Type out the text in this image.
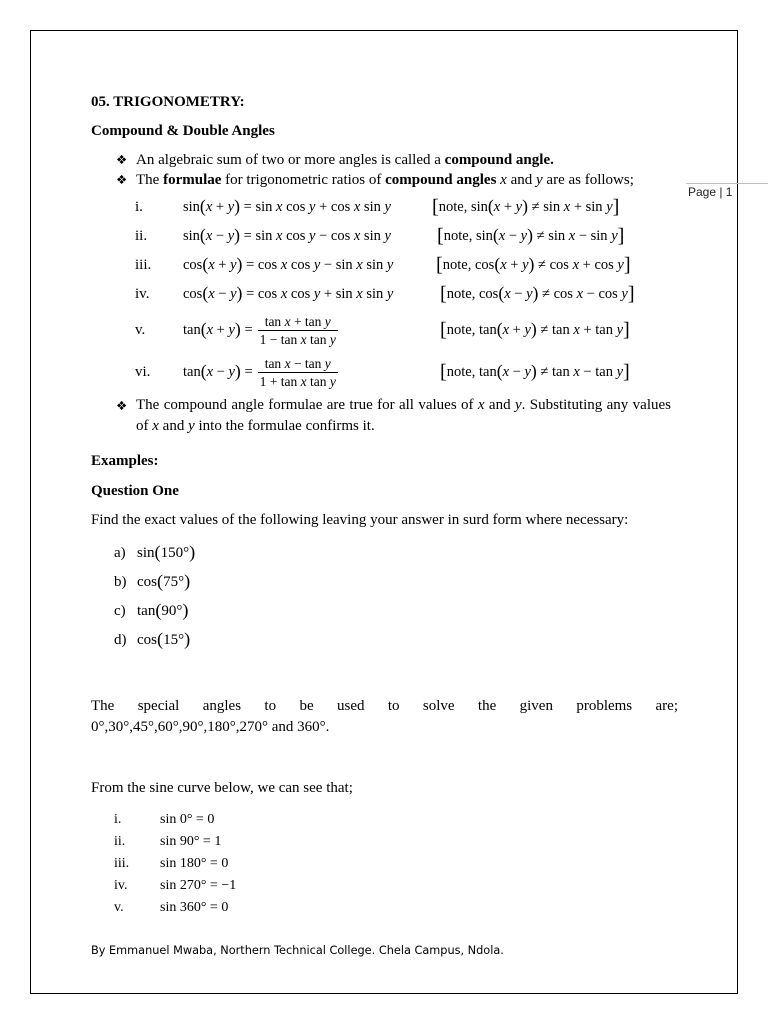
Page | 1
05. TRIGONOMETRY:
Compound & Double Angles
❖
An algebraic sum of two or more angles is called a compound angle.
❖
The formulae for trigonometric ratios of compound angles x and y are as follows;
i.	sin(x + y) = sin x cos y + cos x sin y [note, sin(x + y) ≠ sin x + sin y]
ii. sin(x − y) = sin x cos y − cos x sin y [note, sin(x − y) ≠ sin x − sin y]
iii. cos(x + y) = cos x cos y − sin x sin y [note, cos(x + y) ≠ cos x + cos y]
iv. cos(x − y) = cos x cos y + sin x sin y [note, cos(x − y) ≠ cos x − cos y]
v.	$\tan(x + y) = \frac{\text{tan x + tan y}}{\text{1 − tan x tan y}}$	[note, tan(x + y) ≠ tan x + tan y]
vi. $\tan(x - y) = \frac{\text{tan x − tan y}}{\text{1 + tan x tan y}}$	[note, tan(x − y) ≠ tan x − tan y]
❖
The compound angle formulae are true for all values of x and y. Substituting any values of x and y into the formulae confirms it.
Examples:
Question One
Find the exact values of the following leaving your answer in surd form where necessary:
a) sin(150°)
b) cos(75°)
c) tan(90°)
d) cos(15°)
The special angles to be used to solve the given problems are;
0°,30°,45°,60°,90°,180°,270° and 360°.
From the sine curve below, we can see that;
i.	sin 0° = 0
ii. sin 90° = 1
iii. sin 180° = 0
iv. sin 270° = −1
v.	sin 360° = 0
By Emmanuel Mwaba, Northern Technical College. Chela Campus, Ndola.
